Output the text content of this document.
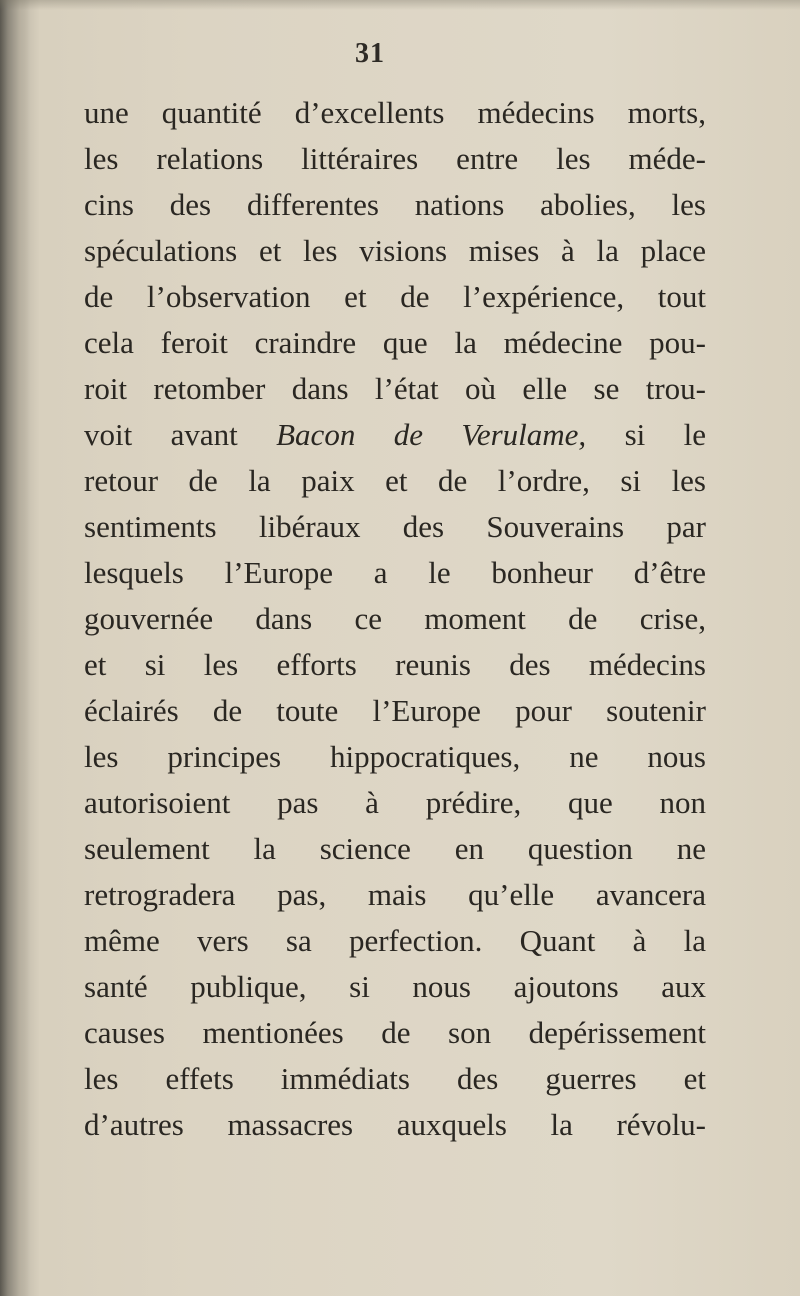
31
une quantité d’excellents médecins morts,
les relations littéraires entre les méde-
cins des differentes nations abolies, les
spéculations et les visions mises à la place
de l’observation et de l’expérience, tout
cela feroit craindre que la médecine pou-
roit retomber dans l’état où elle se trou-
voit avant Bacon de Verulame, si le
retour de la paix et de l’ordre, si les
sentiments libéraux des Souverains par
lesquels l’Europe a le bonheur d’être
gouvernée dans ce moment de crise,
et si les efforts reunis des médecins
éclairés de toute l’Europe pour soutenir
les principes hippocratiques, ne nous
autorisoient pas à prédire, que non
seulement la science en question ne
retrogradera pas, mais qu’elle avancera
même vers sa perfection. Quant à la
santé publique, si nous ajoutons aux
causes mentionées de son depérissement
les effets immédiats des guerres et
d’autres massacres auxquels la révolu-
